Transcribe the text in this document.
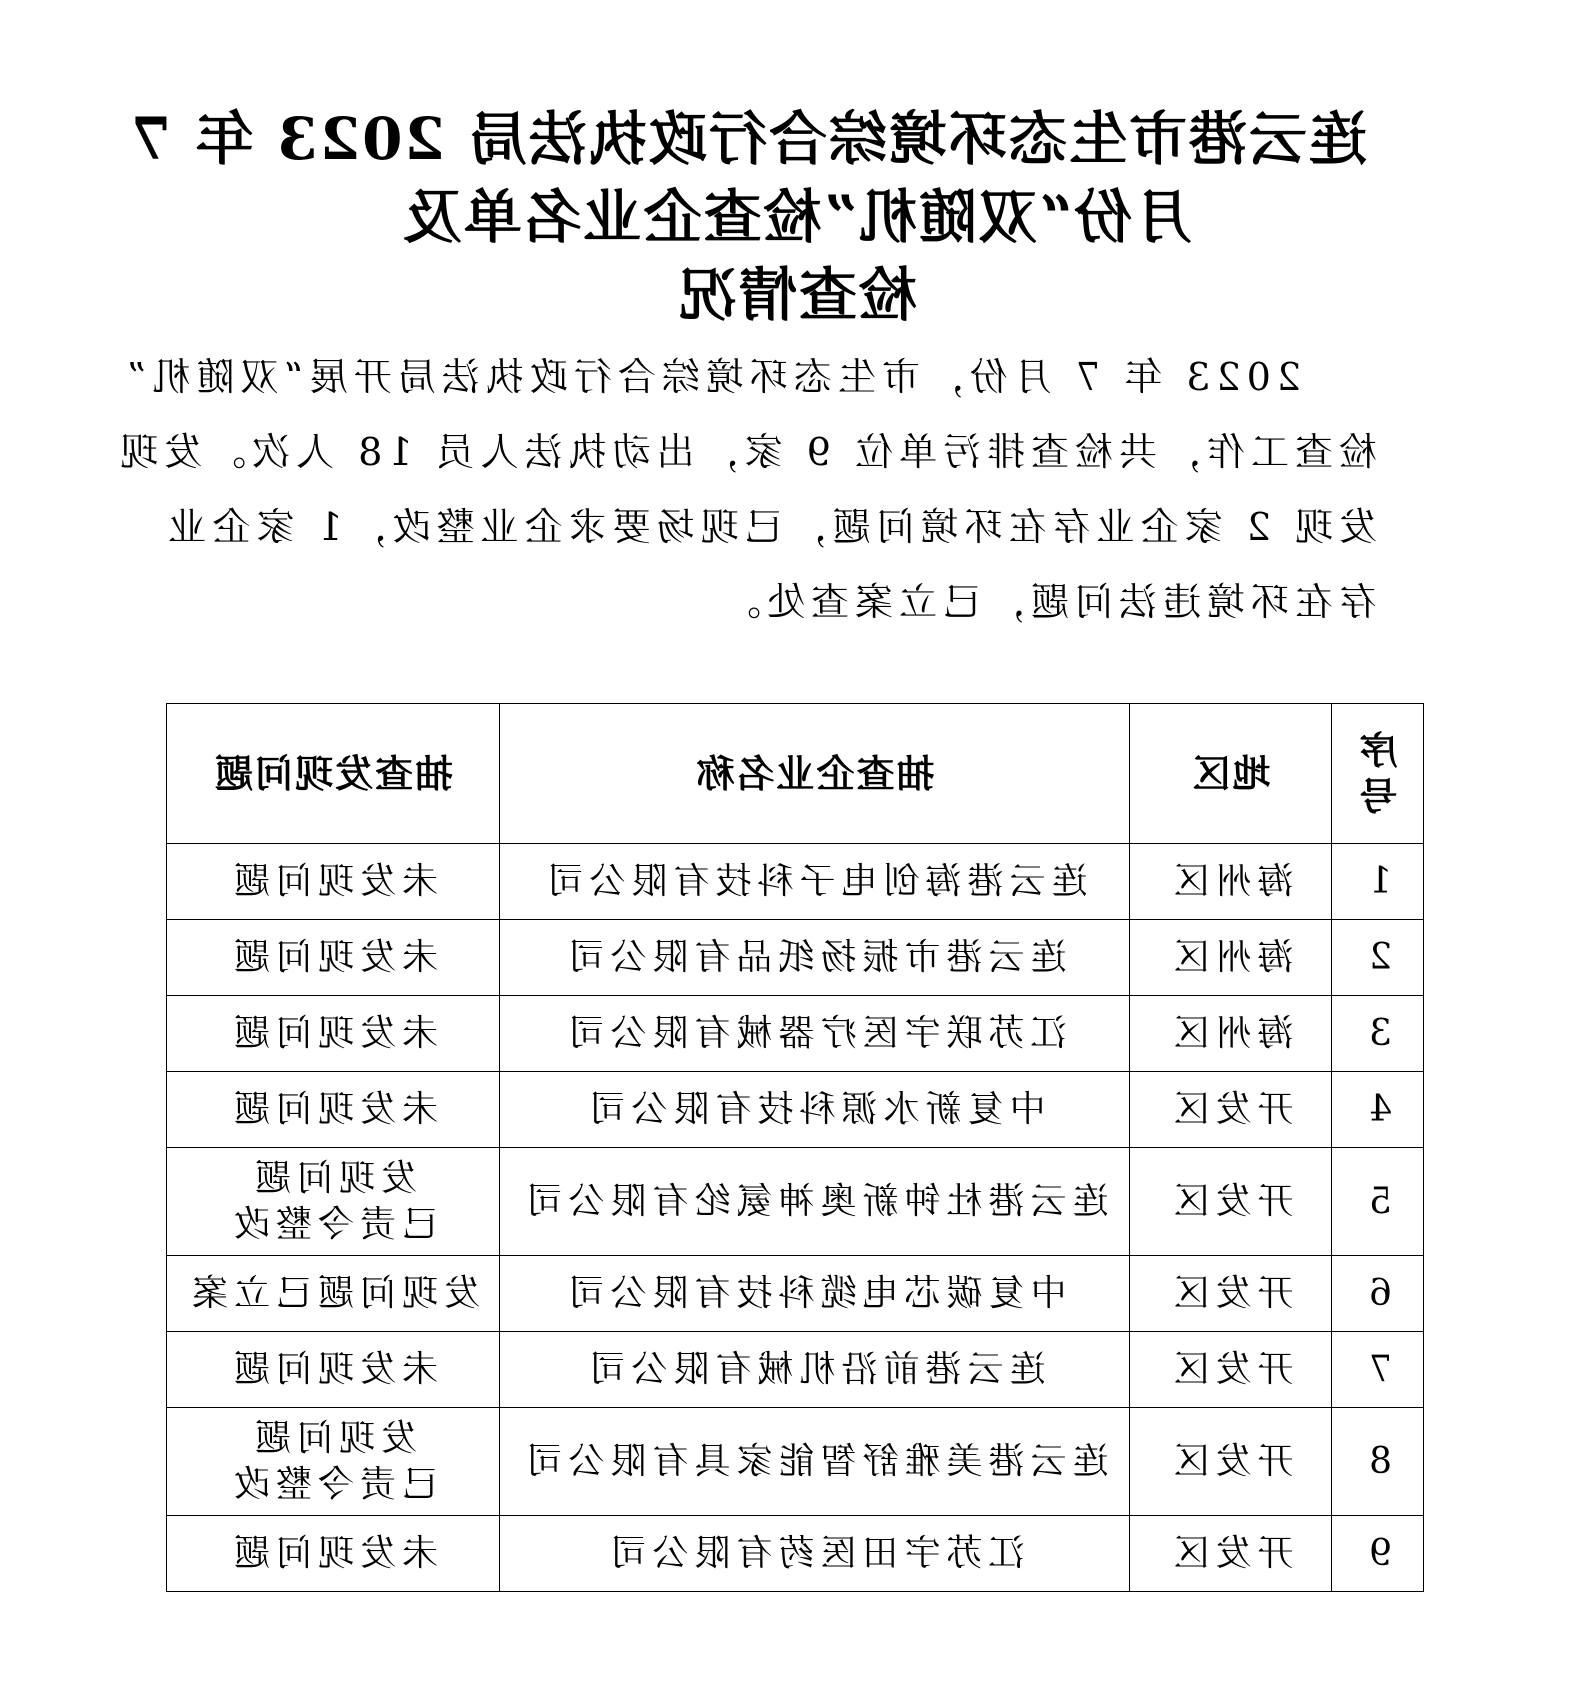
连云港市生态环境综合行政执法局 2023 年 7
月份“双随机”检查企业名单及
检查情况
2023 年 7 月份，市生态环境综合行政执法局开展“双随机”
检查工作，共检查排污单位 9 家，出动执法人员 18 人次。发现
发现 2 家企业存在环境问题，已现场要求企业整改，1 家企业
存在环境违法问题，已立案查处。
序
号	地区	抽查企业名称	抽查发现问题
1	海州区	连云港海创电子科技有限公司	未发现问题

2	海州区	连云港市振扬纸品有限公司	未发现问题

3	海州区	江苏联宇医疗器械有限公司	未发现问题

4	开发区	中复新水源科技有限公司	未发现问题

5	开发区	连云港杜钟新奥神氨纶有限公司	发现问题
已责令整改

6	开发区	中复碳芯电缆科技有限公司	发现问题已立案

7	开发区	连云港前沿机械有限公司	未发现问题

8	开发区	连云港美雅舒智能家具有限公司	发现问题
已责令整改

9	开发区	江苏宇田医药有限公司	未发现问题
